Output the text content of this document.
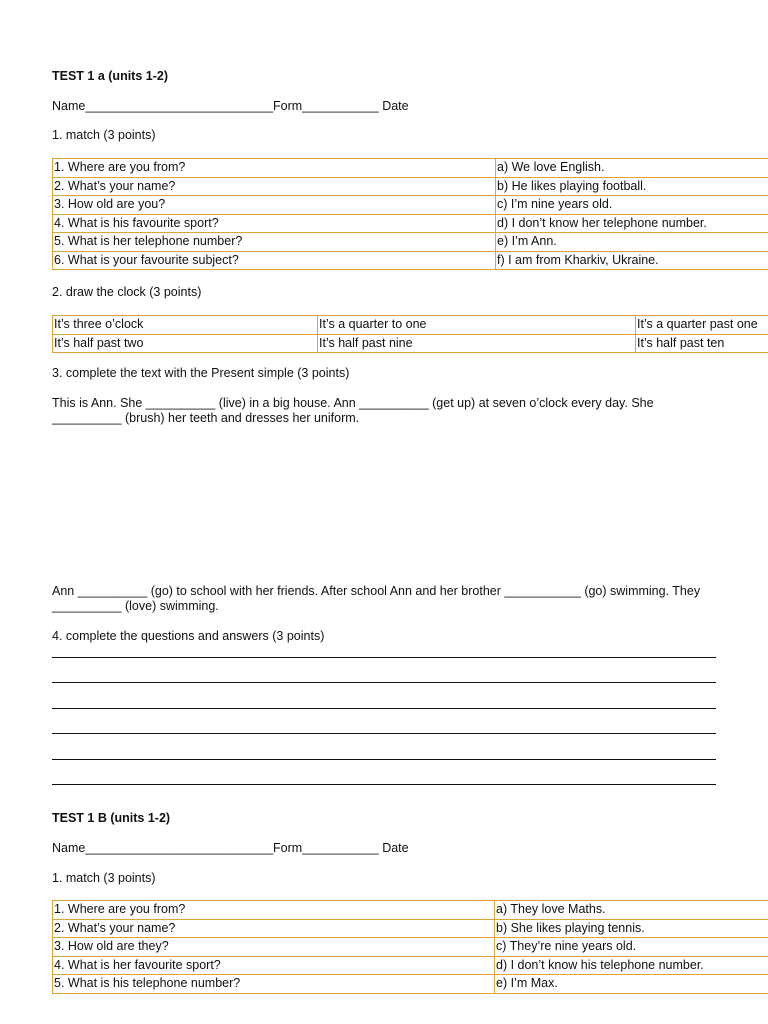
TEST 1 a (units 1-2)
Name___________________________Form___________ Date
1. match (3 points)
1. Where are you from?	a) We love English.
2. What’s your name?	b) He likes playing football.
3. How old are you?	c) I’m nine years old.
4. What is his favourite sport?	d) I don’t know her telephone number.
5. What is her telephone number?	e) I’m Ann.
6. What is your favourite subject?	f) I am from Kharkiv, Ukraine.
2. draw the clock (3 points)
It’s three o’clock	It’s a quarter to one	It’s a quarter past one
It’s half past two	It’s half past nine	It’s half past ten
3. complete the text with the Present simple (3 points)
This is Ann. She __________ (live) in a big house. Ann __________ (get up) at seven o’clock every day. She __________ (brush) her teeth and dresses her uniform.
Ann __________ (go) to school with her friends. After school Ann and her brother ___________ (go) swimming. They __________ (love) swimming.
4. complete the questions and answers (3 points)
TEST 1 B (units 1-2)
Name___________________________Form___________ Date
1. match (3 points)
1. Where are you from?	a) They love Maths.
2. What’s your name?	b) She likes playing tennis.
3. How old are they?	c) They’re nine years old.
4. What is her favourite sport?	d) I don’t know his telephone number.
5. What is his telephone number?	e) I’m Max.
